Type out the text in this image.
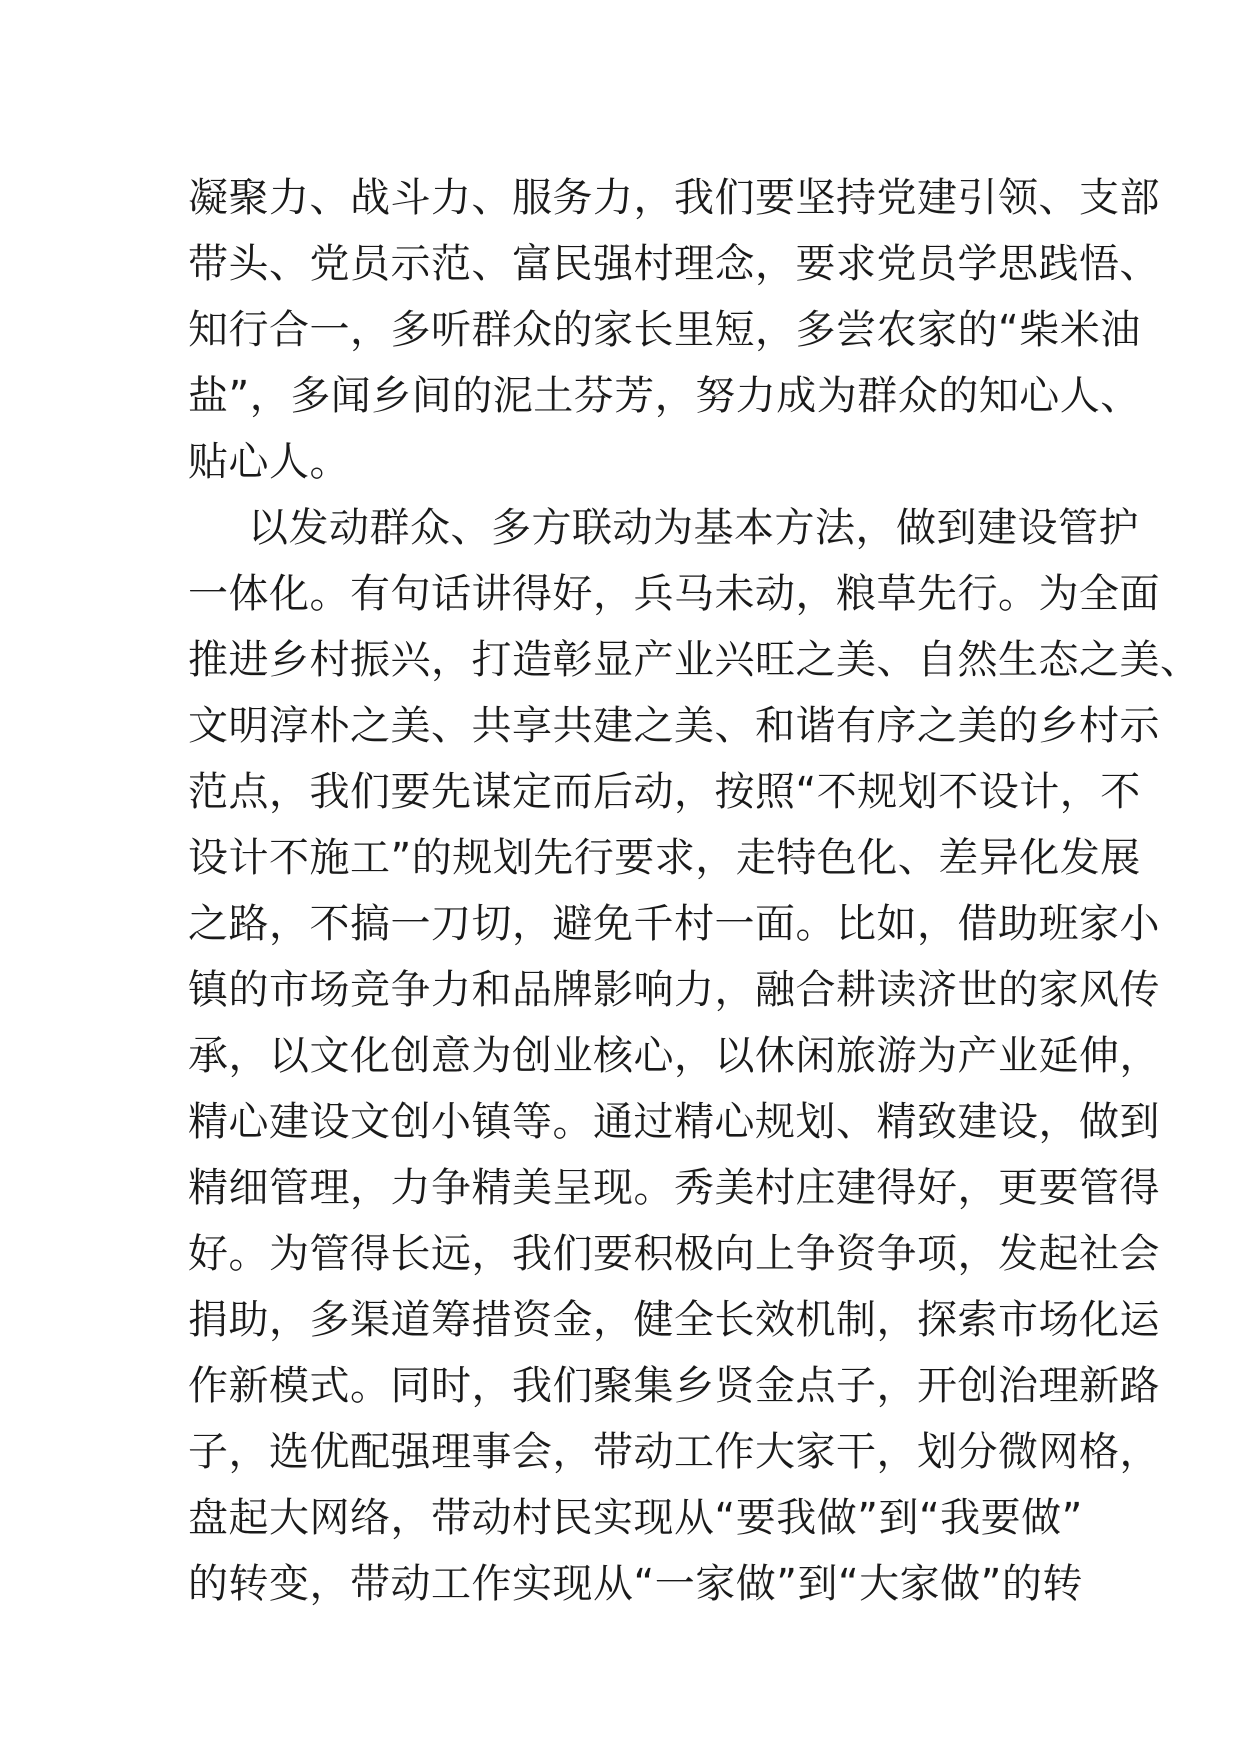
凝聚力、战斗力、服务力，我们要坚持党建引领、支部
带头、党员示范、富民强村理念，要求党员学思践悟、
知行合一，多听群众的家长里短，多尝农家的“柴米油
盐”，多闻乡间的泥土芬芳，努力成为群众的知心人、
贴心人。
以发动群众、多方联动为基本方法，做到建设管护
一体化。有句话讲得好，兵马未动，粮草先行。为全面
推进乡村振兴，打造彰显产业兴旺之美、自然生态之美、
文明淳朴之美、共享共建之美、和谐有序之美的乡村示
范点，我们要先谋定而后动，按照“不规划不设计，不
设计不施工”的规划先行要求，走特色化、差异化发展
之路，不搞一刀切，避免千村一面。比如，借助班家小
镇的市场竞争力和品牌影响力，融合耕读济世的家风传
承，以文化创意为创业核心，以休闲旅游为产业延伸，
精心建设文创小镇等。通过精心规划、精致建设，做到
精细管理，力争精美呈现。秀美村庄建得好，更要管得
好。为管得长远，我们要积极向上争资争项，发起社会
捐助，多渠道筹措资金，健全长效机制，探索市场化运
作新模式。同时，我们聚集乡贤金点子，开创治理新路
子，选优配强理事会，带动工作大家干，划分微网格，
盘起大网络，带动村民实现从“要我做”到“我要做”
的转变，带动工作实现从“一家做”到“大家做”的转
